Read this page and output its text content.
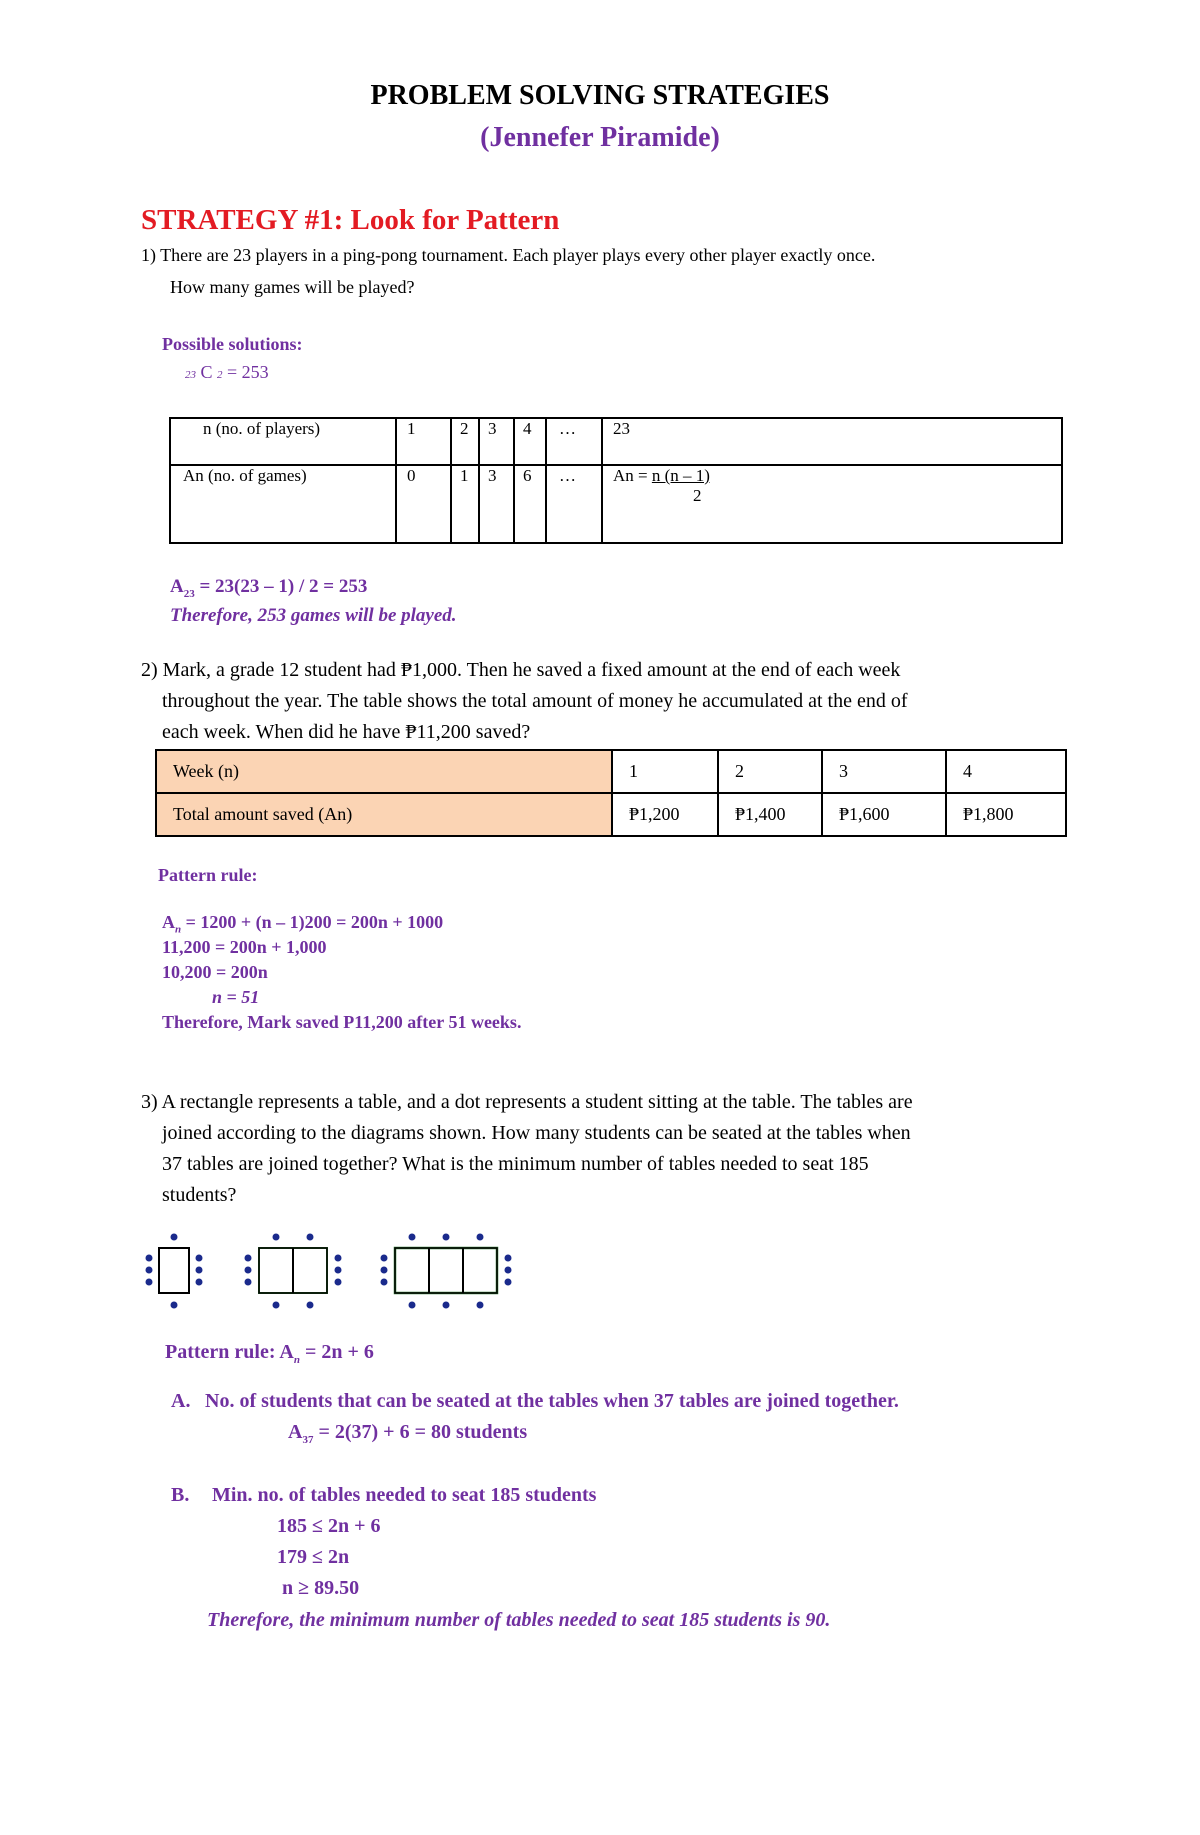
PROBLEM SOLVING STRATEGIES
(Jennefer Piramide)
STRATEGY #1: Look for Pattern
1) There are 23 players in a ping-pong tournament. Each player plays every other player exactly once.
How many games will be played?
Possible solutions:
23 C 2 = 253
n (no. of players)	1	2	3	4	…	23
An (no. of games)	0	1	3	6	…	An = n (n – 1)
2
$A_{23} = 23(23 - 1) / 2 = 253$
Therefore, 253 games will be played.
2) Mark, a grade 12 student had ₱1,000. Then he saved a fixed amount at the end of each week
throughout the year. The table shows the total amount of money he accumulated at the end of
each week. When did he have ₱11,200 saved?
Week (n)	1	2	3	4
Total amount saved (An)	₱1,200	₱1,400	₱1,600	₱1,800
Pattern rule:
$A_n = 1200 + (n - 1)200 = 200n + 1000$
11,200 = 200n + 1,000
10,200 = 200n
n = 51
Therefore, Mark saved P11,200 after 51 weeks.
3) A rectangle represents a table, and a dot represents a student sitting at the table. The tables are
joined according to the diagrams shown. How many students can be seated at the tables when
37 tables are joined together? What is the minimum number of tables needed to seat 185
students?
Pattern rule: $A_n = 2n + 6$
A. No. of students that can be seated at the tables when 37 tables are joined together.
$A_{37} = 2(37) + 6 = 80$ students
B. Min. no. of tables needed to seat 185 students
185 ≤ 2n + 6
179 ≤ 2n
n ≥ 89.50
Therefore, the minimum number of tables needed to seat 185 students is 90.
